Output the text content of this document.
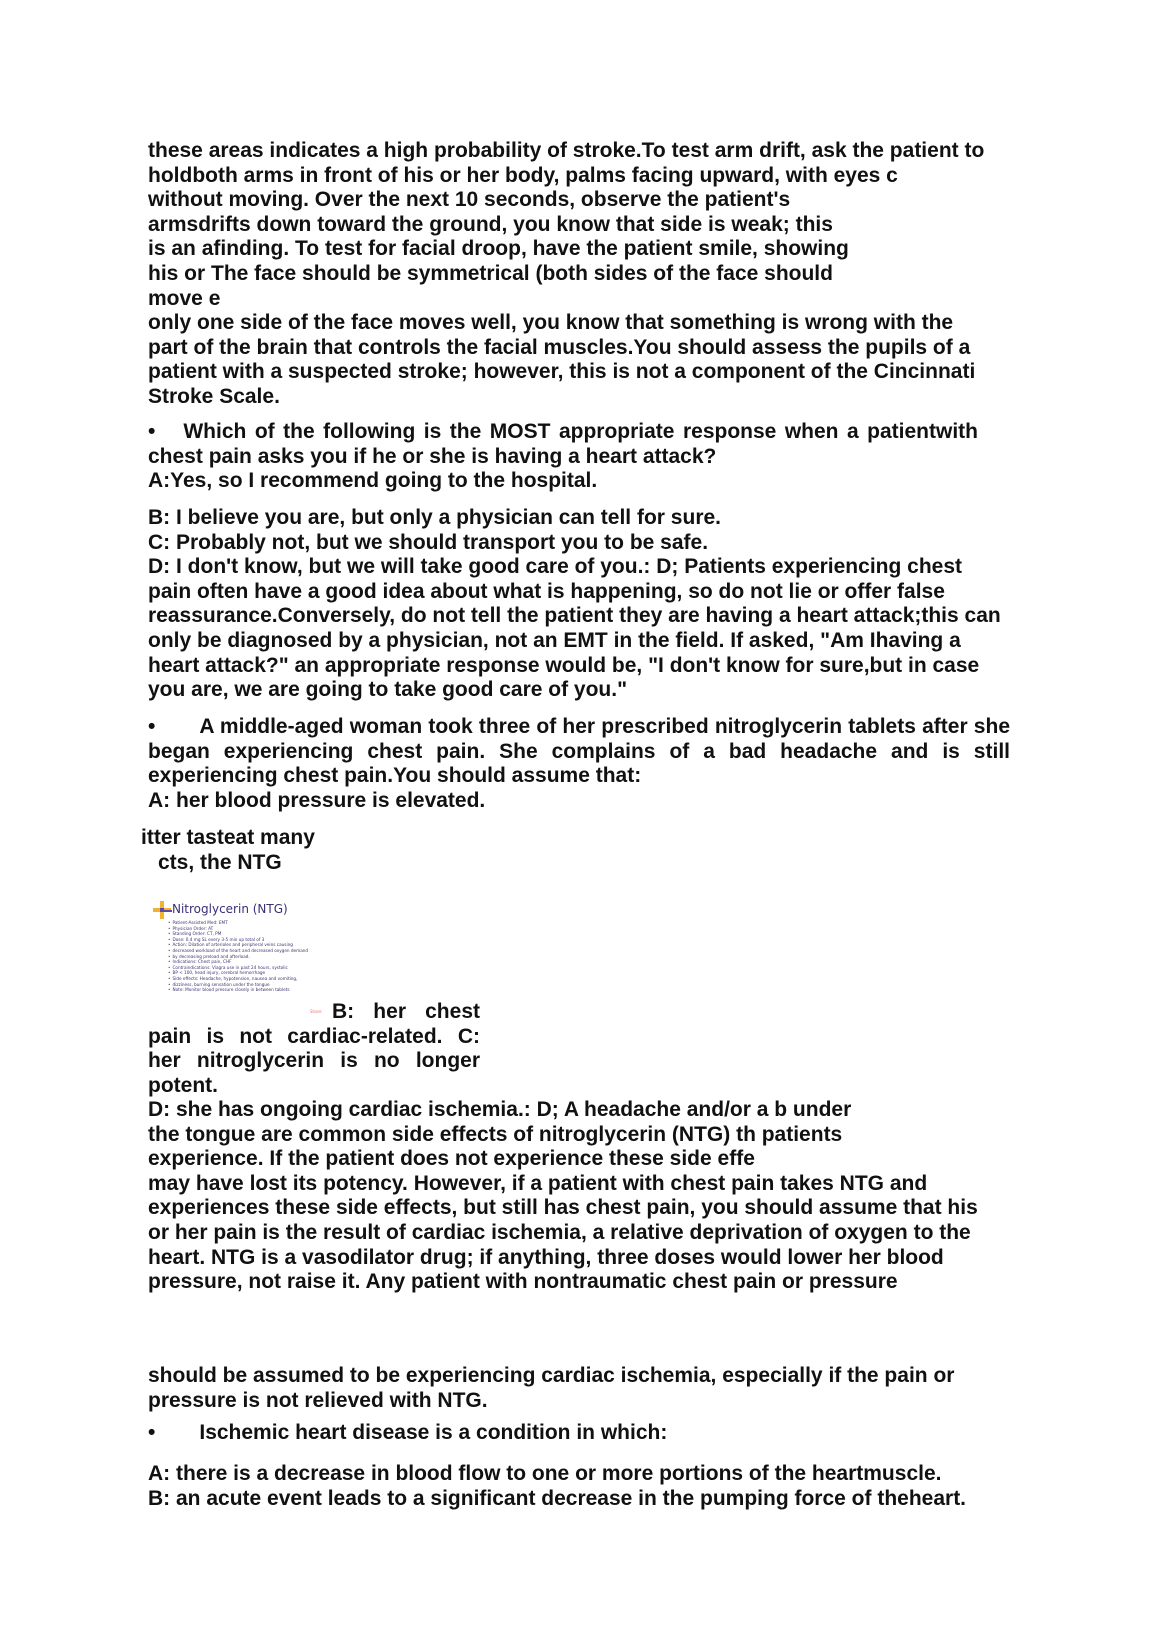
these areas indicates a high probability of stroke.To test arm drift, ask the patient to
holdboth arms in front of his or her body, palms facing upward, with eyes c
without moving. Over the next 10 seconds, observe the patient's
armsdrifts down toward the ground, you know that side is weak; this
is an afinding. To test for facial droop, have the patient smile, showing
his or The face should be symmetrical (both sides of the face should
move e
only one side of the face moves well, you know that something is wrong with the
part of the brain that controls the facial muscles.You should assess the pupils of a
patient with a suspected stroke; however, this is not a component of the Cincinnati
Stroke Scale.
• Which of the following is the MOST appropriate response when a patientwith chest pain asks you if he or she is having a heart attack?
A:Yes, so I recommend going to the hospital.
B: I believe you are, but only a physician can tell for sure.
C: Probably not, but we should transport you to be safe.
D: I don't know, but we will take good care of you.: D; Patients experiencing chest
pain often have a good idea about what is happening, so do not lie or offer false
reassurance.Conversely, do not tell the patient they are having a heart attack;this can
only be diagnosed by a physician, not an EMT in the field. If asked, "Am Ihaving a
heart attack?" an appropriate response would be, "I don't know for sure,but in case
you are, we are going to take good care of you."
• A middle-aged woman took three of her prescribed nitroglycerin tablets after she began experiencing chest pain. She complains of a bad headache and is still experiencing chest pain.You should assume that:
A: her blood pressure is elevated.
itter tasteat many
cts, the NTG
Nitroglycerin (NTG)
• Patient-Assisted Med: EMT
• Physician Order: AT
• Standing Order: CT, PM
• Dose: 0.4 mg SL every 3-5 min up total of 3
• Action: Dilation of arterioles and peripheral veins causing
• decreased workload of the heart and decreased oxygen demand
• by decreasing preload and afterload.
• Indications: Chest pain, CHF
• Contraindications: Viagra use in past 24 hours, systolic
• BP < 100, head injury, cerebral hemorrhage
• Side effects: Headache, hypotension, nausea and vomiting,
• dizziness, burning sensation under the tongue
• Note: Monitor blood pressure closely in between tablets
Share B: her chest pain is not cardiac-related. C: her nitroglycerin is no longer potent.
D: she has ongoing cardiac ischemia.: D; A headache and/or a b under
the tongue are common side effects of nitroglycerin (NTG) th patients
experience. If the patient does not experience these side effe
may have lost its potency. However, if a patient with chest pain takes NTG and
experiences these side effects, but still has chest pain, you should assume that his
or her pain is the result of cardiac ischemia, a relative deprivation of oxygen to the
heart. NTG is a vasodilator drug; if anything, three doses would lower her blood
pressure, not raise it. Any patient with nontraumatic chest pain or pressure
should be assumed to be experiencing cardiac ischemia, especially if the pain or
pressure is not relieved with NTG.
• Ischemic heart disease is a condition in which:
A: there is a decrease in blood flow to one or more portions of the heartmuscle.
B: an acute event leads to a significant decrease in the pumping force of theheart.
